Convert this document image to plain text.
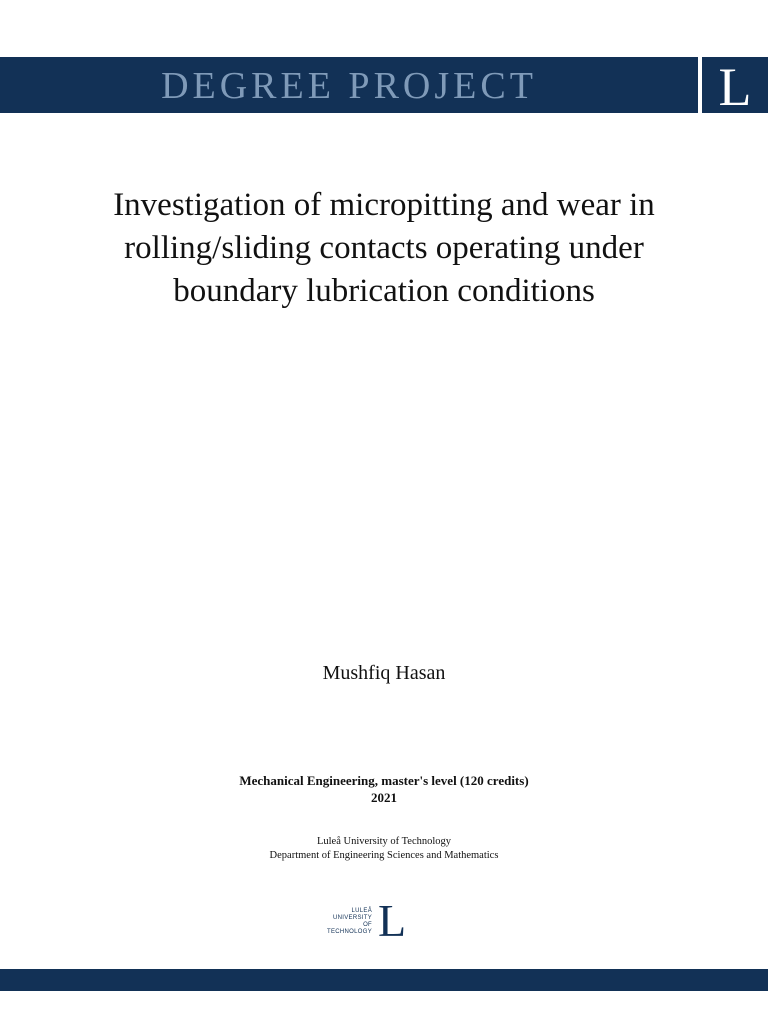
DEGREE PROJECT	L
Investigation of micropitting and wear in rolling/sliding contacts operating under boundary lubrication conditions
Mushfiq Hasan
Mechanical Engineering, master's level (120 credits)
2021
Luleå University of Technology
Department of Engineering Sciences and Mathematics
LULEÅ
UNIVERSITY
OF TECHNOLOGY L
